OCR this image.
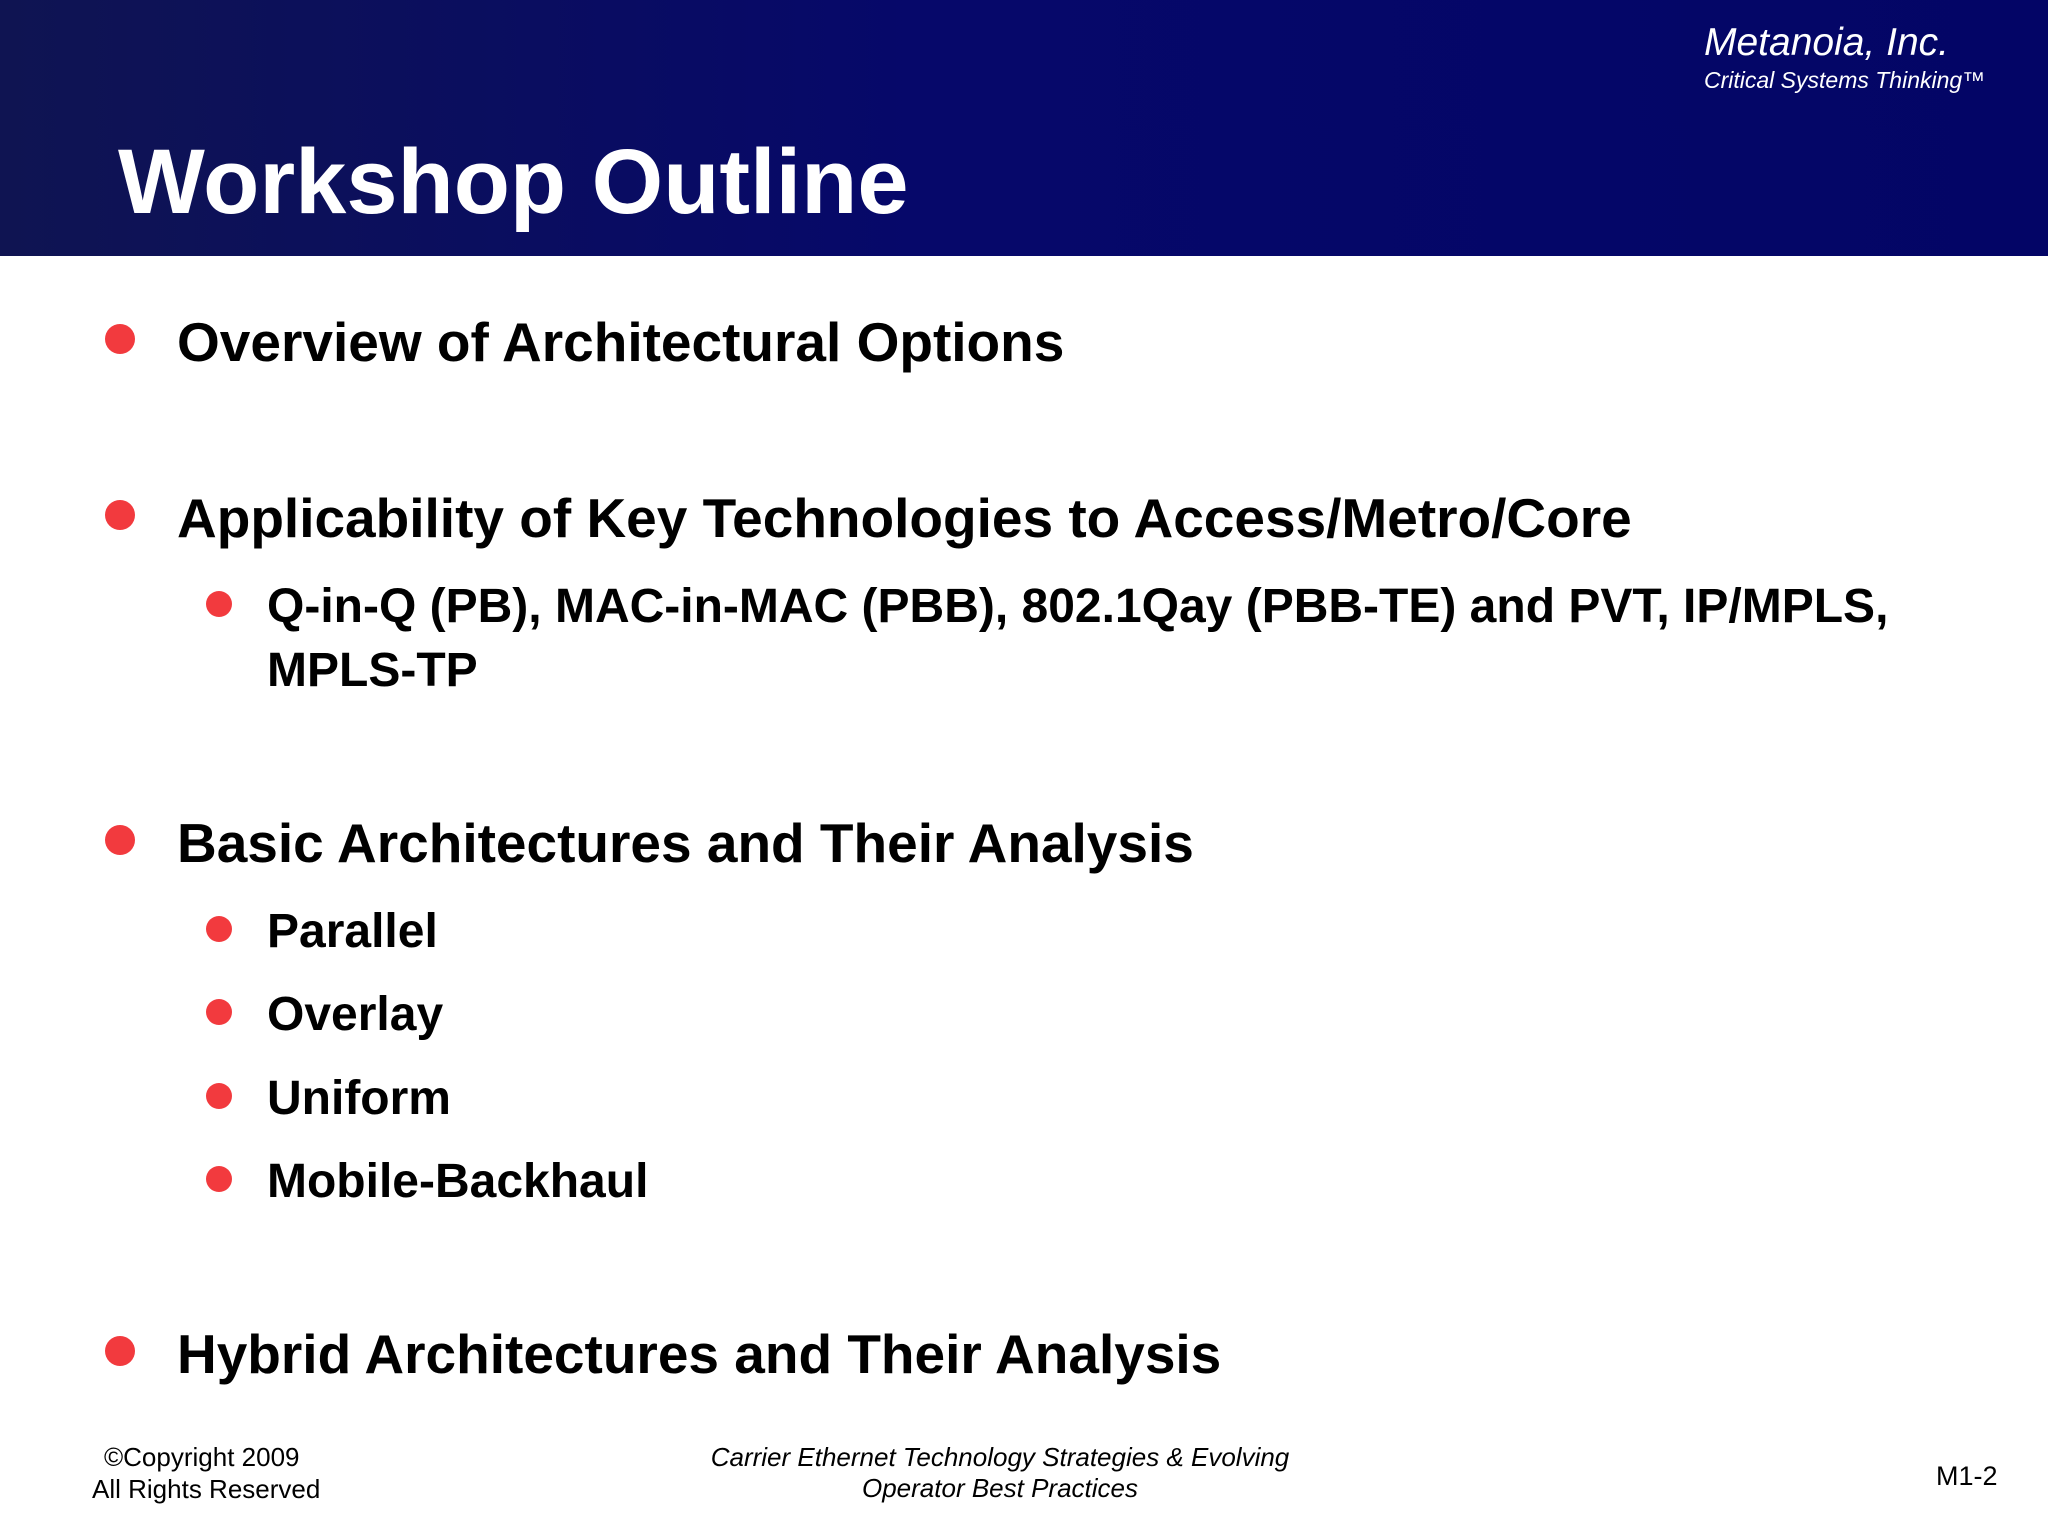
Metanoia, Inc.
Critical Systems Thinking™
Workshop Outline
Overview of Architectural Options
Applicability of Key Technologies to Access/Metro/Core
Q-in-Q (PB), MAC-in-MAC (PBB), 802.1Qay (PBB-TE) and PVT, IP/MPLS, MPLS-TP
Basic Architectures and Their Analysis
Parallel
Overlay
Uniform
Mobile-Backhaul
Hybrid Architectures and Their Analysis
©Copyright 2009
All Rights Reserved
Carrier Ethernet Technology Strategies & Evolving
Operator Best Practices	M1-2
